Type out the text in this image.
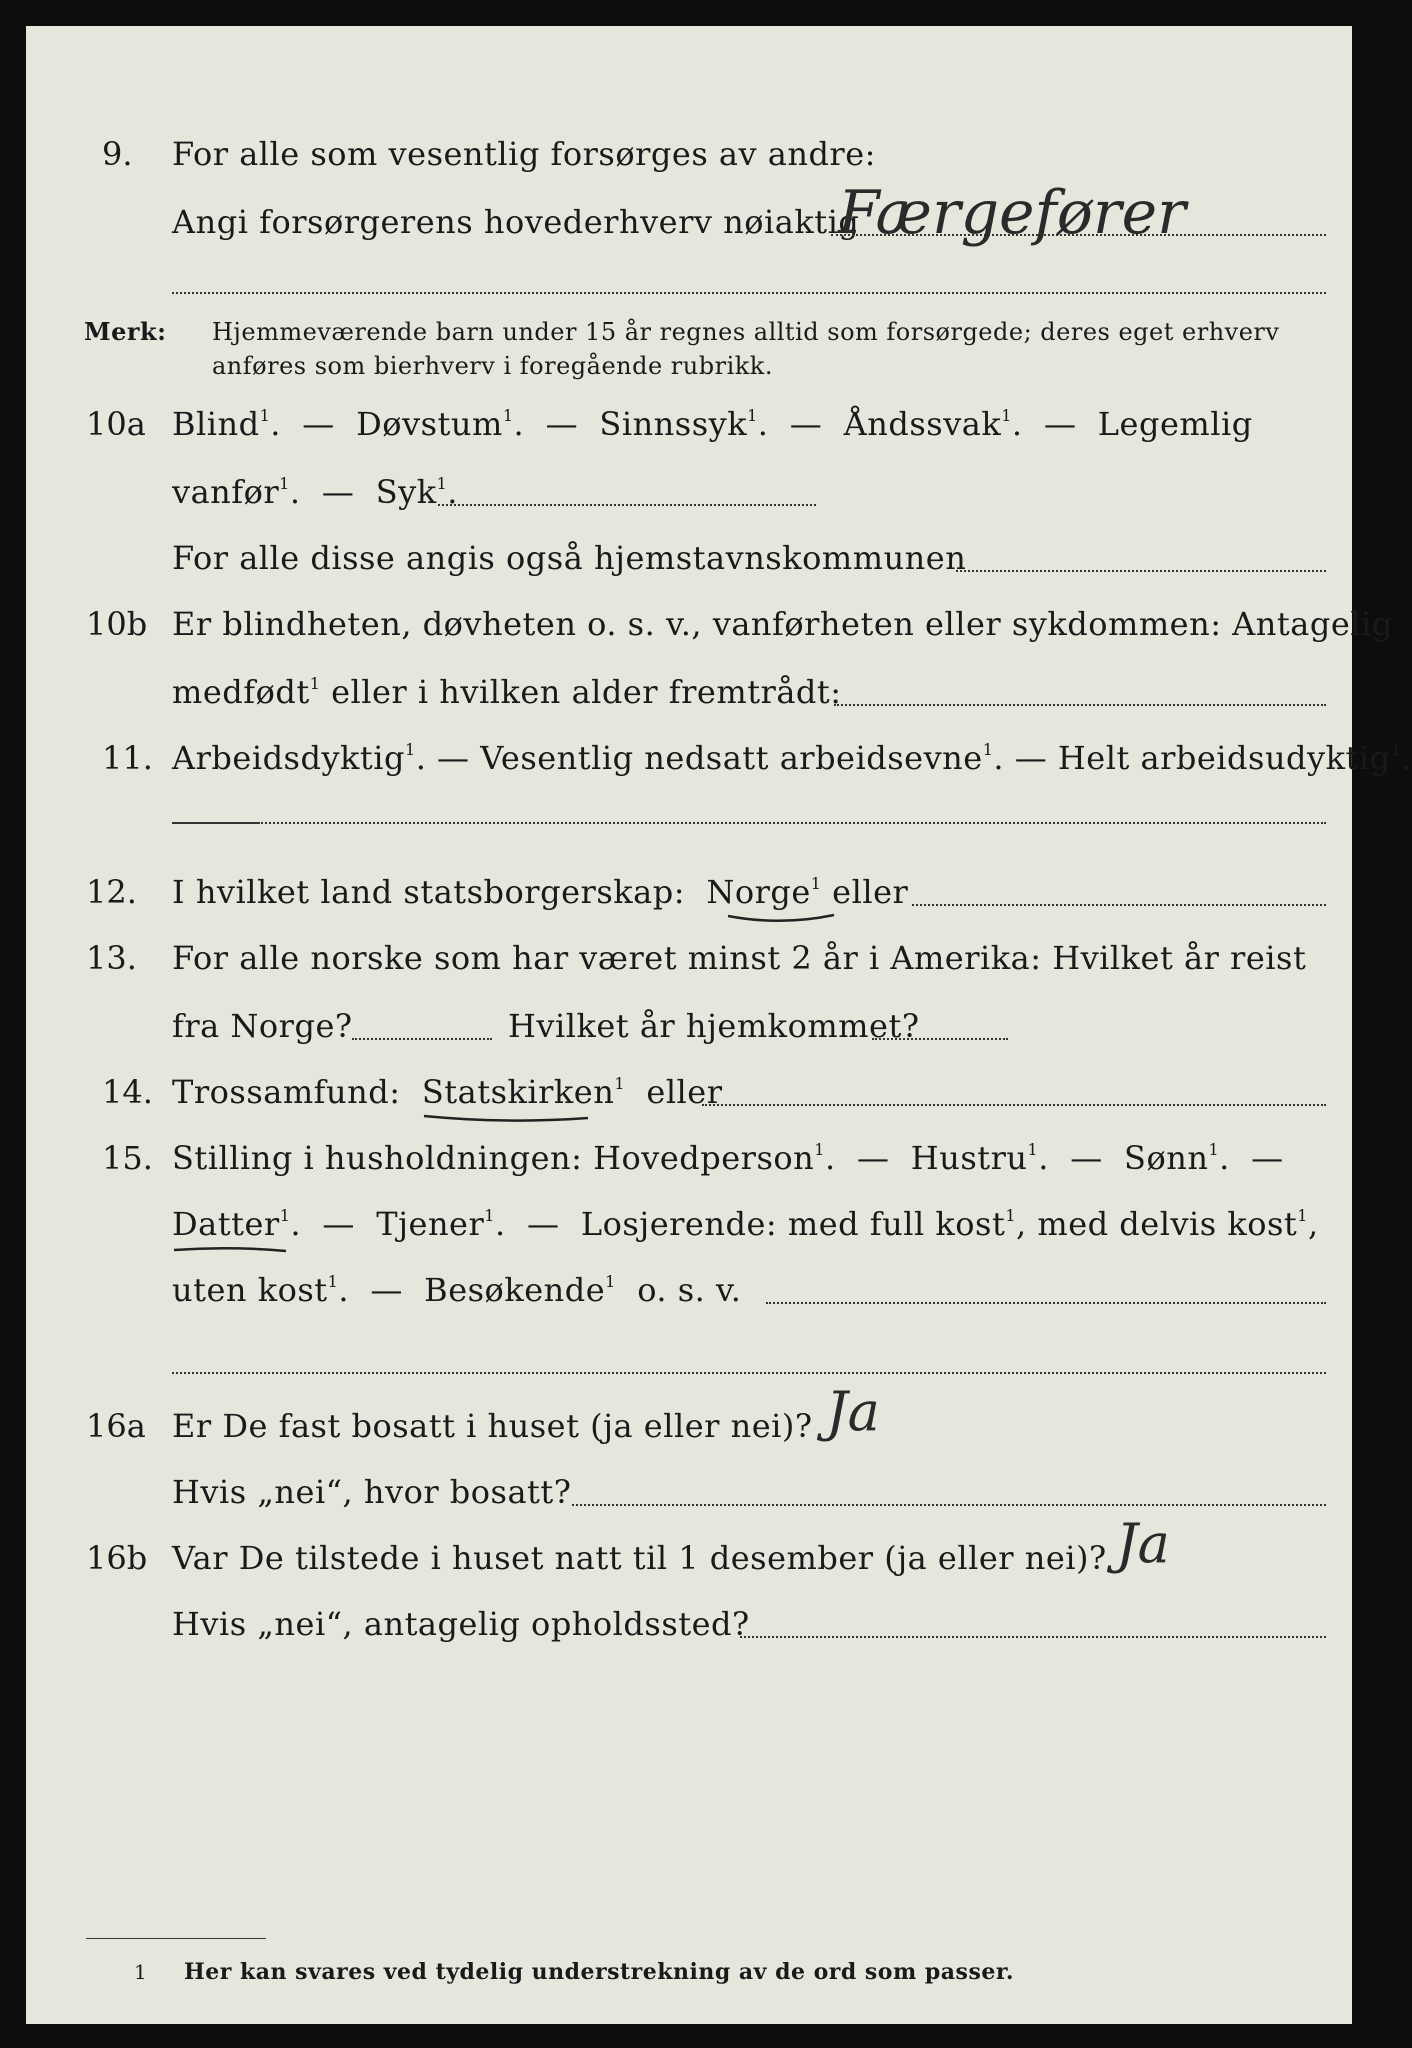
9. For alle som vesentlig forsørges av andre:
Angi forsørgerens hovederhverv nøiaktig
Færgefører
Merk: Hjemmeværende barn under 15 år regnes alltid som forsørgede; deres eget erhverv
anføres som bierhverv i foregående rubrikk.
10a Blind$^1$.  —  Døvstum$^1$.  —  Sinnssyk$^1$.  —  Åndssvak$^1$.  —  Legemlig
vanfør$^1$.  —  Syk$^1$.
For alle disse angis også hjemstavnskommunen
10b Er blindheten, døvheten o. s. v., vanførheten eller sykdommen: Antagelig
medfødt$^1$ eller i hvilken alder fremtrådt:
11. Arbeidsdyktig$^1$. — Vesentlig nedsatt arbeidsevne$^1$. — Helt arbeidsudyktig$^1$.
12. I hvilket land statsborgerskap: Norge$^1$ eller
13. For alle norske som har været minst 2 år i Amerika: Hvilket år reist
fra Norge?	Hvilket år hjemkommet?
14. Trossamfund: Statskirken$^1$ eller
15. Stilling i husholdningen: Hovedperson$^1$.  —  Hustru$^1$.  —  Sønn$^1$.  —
Datter$^1$.  —  Tjener$^1$.  —  Losjerende: med full kost$^1$, med delvis kost$^1$,
uten kost$^1$.  —  Besøkende$^1$ o. s. v.
16a Er De fast bosatt i huset (ja eller nei)? Ja
Hvis „nei“, hvor bosatt?
16b Var De tilstede i huset natt til 1 desember (ja eller nei)? Ja
Hvis „nei“, antagelig opholdssted?
1 Her kan svares ved tydelig understrekning av de ord som passer.
